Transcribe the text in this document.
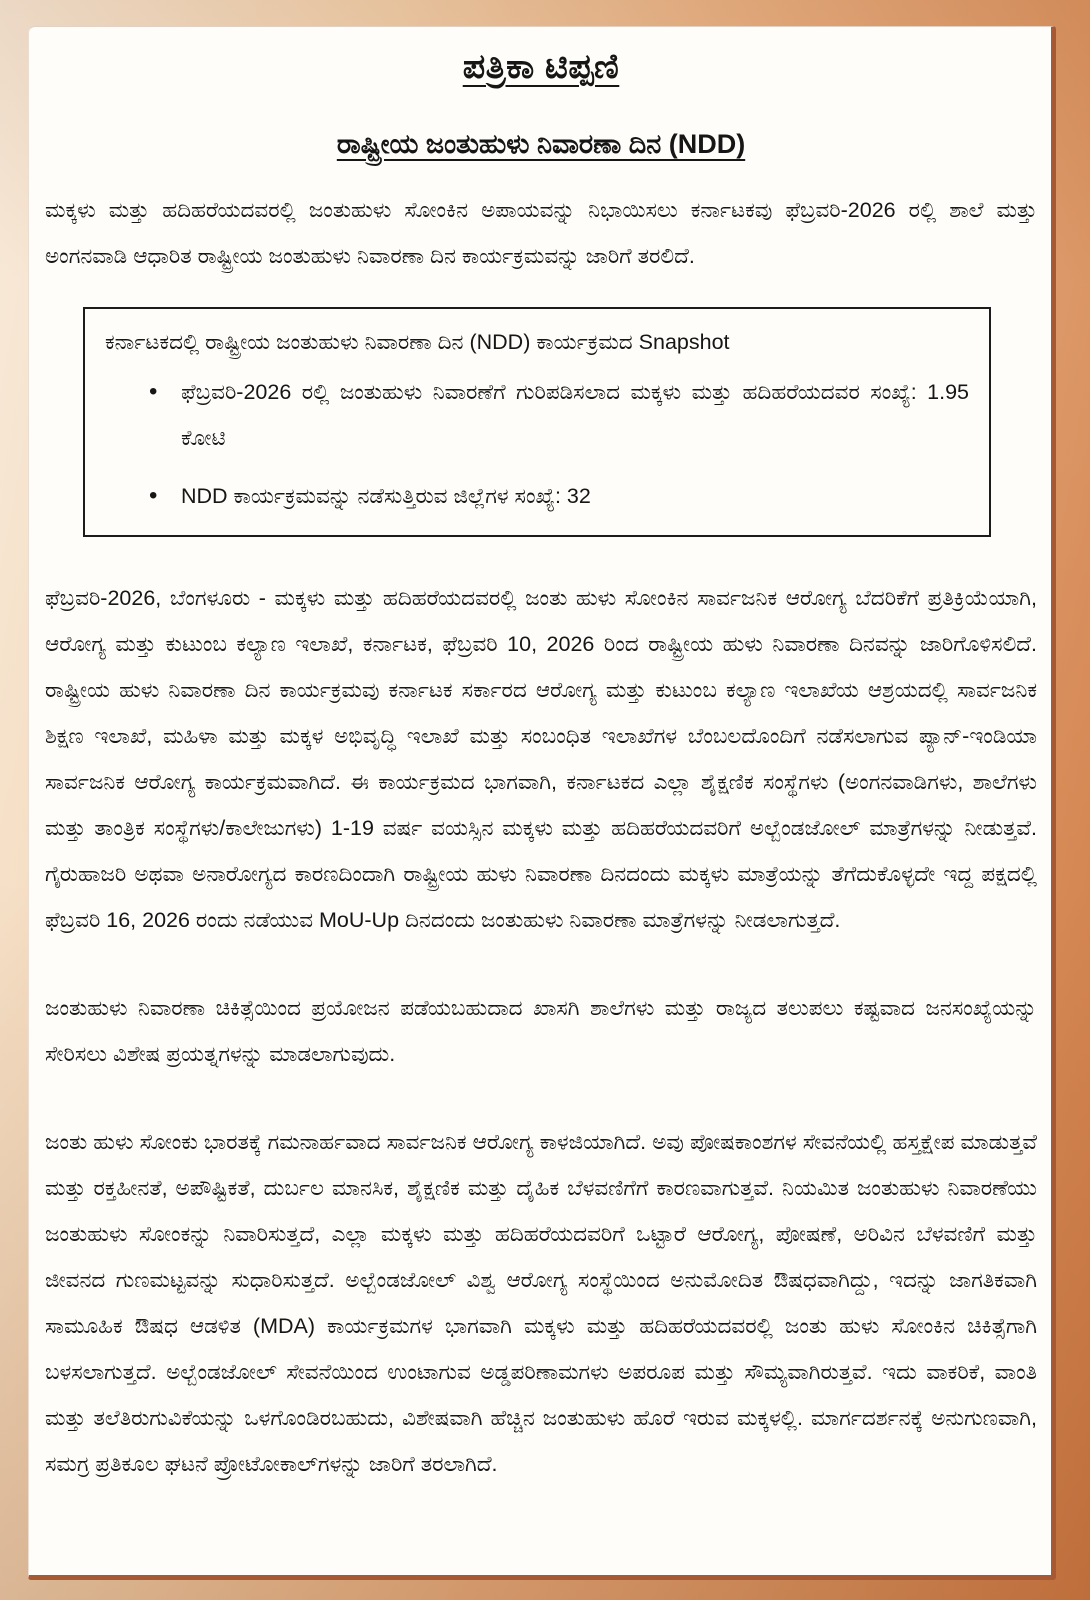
ಪತ್ರಿಕಾ ಟಿಪ್ಪಣಿ
ರಾಷ್ಟ್ರೀಯ ಜಂತುಹುಳು ನಿವಾರಣಾ ದಿನ (NDD)

ಮಕ್ಕಳು ಮತ್ತು ಹದಿಹರೆಯದವರಲ್ಲಿ ಜಂತುಹುಳು ಸೋಂಕಿನ ಅಪಾಯವನ್ನು ನಿಭಾಯಿಸಲು ಕರ್ನಾಟಕವು ಫೆಬ್ರವರಿ-2026 ರಲ್ಲಿ ಶಾಲೆ ಮತ್ತು ಅಂಗನವಾಡಿ ಆಧಾರಿತ ರಾಷ್ಟ್ರೀಯ ಜಂತುಹುಳು ನಿವಾರಣಾ ದಿನ ಕಾರ್ಯಕ್ರಮವನ್ನು ಜಾರಿಗೆ ತರಲಿದೆ.

ಕರ್ನಾಟಕದಲ್ಲಿ ರಾಷ್ಟ್ರೀಯ ಜಂತುಹುಳು ನಿವಾರಣಾ ದಿನ (NDD) ಕಾರ್ಯಕ್ರಮದ Snapshot
• ಫೆಬ್ರವರಿ-2026 ರಲ್ಲಿ ಜಂತುಹುಳು ನಿವಾರಣೆಗೆ ಗುರಿಪಡಿಸಲಾದ ಮಕ್ಕಳು ಮತ್ತು ಹದಿಹರೆಯದವರ ಸಂಖ್ಯೆ: 1.95 ಕೋಟಿ
• NDD ಕಾರ್ಯಕ್ರಮವನ್ನು ನಡೆಸುತ್ತಿರುವ ಜಿಲ್ಲೆಗಳ ಸಂಖ್ಯೆ: 32

ಫೆಬ್ರವರಿ-2026, ಬೆಂಗಳೂರು - ಮಕ್ಕಳು ಮತ್ತು ಹದಿಹರೆಯದವರಲ್ಲಿ ಜಂತು ಹುಳು ಸೋಂಕಿನ ಸಾರ್ವಜನಿಕ ಆರೋಗ್ಯ ಬೆದರಿಕೆಗೆ ಪ್ರತಿಕ್ರಿಯೆಯಾಗಿ, ಆರೋಗ್ಯ ಮತ್ತು ಕುಟುಂಬ ಕಲ್ಯಾಣ ಇಲಾಖೆ, ಕರ್ನಾಟಕ, ಫೆಬ್ರವರಿ 10, 2026 ರಿಂದ ರಾಷ್ಟ್ರೀಯ ಹುಳು ನಿವಾರಣಾ ದಿನವನ್ನು ಜಾರಿಗೊಳಿಸಲಿದೆ. ರಾಷ್ಟ್ರೀಯ ಹುಳು ನಿವಾರಣಾ ದಿನ ಕಾರ್ಯಕ್ರಮವು ಕರ್ನಾಟಕ ಸರ್ಕಾರದ ಆರೋಗ್ಯ ಮತ್ತು ಕುಟುಂಬ ಕಲ್ಯಾಣ ಇಲಾಖೆಯ ಆಶ್ರಯದಲ್ಲಿ ಸಾರ್ವಜನಿಕ ಶಿಕ್ಷಣ ಇಲಾಖೆ, ಮಹಿಳಾ ಮತ್ತು ಮಕ್ಕಳ ಅಭಿವೃದ್ಧಿ ಇಲಾಖೆ ಮತ್ತು ಸಂಬಂಧಿತ ಇಲಾಖೆಗಳ ಬೆಂಬಲದೊಂದಿಗೆ ನಡೆಸಲಾಗುವ ಪ್ಯಾನ್-ಇಂಡಿಯಾ ಸಾರ್ವಜನಿಕ ಆರೋಗ್ಯ ಕಾರ್ಯಕ್ರಮವಾಗಿದೆ. ಈ ಕಾರ್ಯಕ್ರಮದ ಭಾಗವಾಗಿ, ಕರ್ನಾಟಕದ ಎಲ್ಲಾ ಶೈಕ್ಷಣಿಕ ಸಂಸ್ಥೆಗಳು (ಅಂಗನವಾಡಿಗಳು, ಶಾಲೆಗಳು ಮತ್ತು ತಾಂತ್ರಿಕ ಸಂಸ್ಥೆಗಳು/ಕಾಲೇಜುಗಳು) 1-19 ವರ್ಷ ವಯಸ್ಸಿನ ಮಕ್ಕಳು ಮತ್ತು ಹದಿಹರೆಯದವರಿಗೆ ಅಲ್ಬೆಂಡಜೋಲ್ ಮಾತ್ರೆಗಳನ್ನು ನೀಡುತ್ತವೆ. ಗೈರುಹಾಜರಿ ಅಥವಾ ಅನಾರೋಗ್ಯದ ಕಾರಣದಿಂದಾಗಿ ರಾಷ್ಟ್ರೀಯ ಹುಳು ನಿವಾರಣಾ ದಿನದಂದು ಮಕ್ಕಳು ಮಾತ್ರೆಯನ್ನು ತೆಗೆದುಕೊಳ್ಳದೇ ಇದ್ದ ಪಕ್ಷದಲ್ಲಿ ಫೆಬ್ರವರಿ 16, 2026 ರಂದು ನಡೆಯುವ MoU-Up ದಿನದಂದು ಜಂತುಹುಳು ನಿವಾರಣಾ ಮಾತ್ರೆಗಳನ್ನು ನೀಡಲಾಗುತ್ತದೆ.

ಜಂತುಹುಳು ನಿವಾರಣಾ ಚಿಕಿತ್ಸೆಯಿಂದ ಪ್ರಯೋಜನ ಪಡೆಯಬಹುದಾದ ಖಾಸಗಿ ಶಾಲೆಗಳು ಮತ್ತು ರಾಜ್ಯದ ತಲುಪಲು ಕಷ್ಟವಾದ ಜನಸಂಖ್ಯೆಯನ್ನು ಸೇರಿಸಲು ವಿಶೇಷ ಪ್ರಯತ್ನಗಳನ್ನು ಮಾಡಲಾಗುವುದು.

ಜಂತು ಹುಳು ಸೋಂಕು ಭಾರತಕ್ಕೆ ಗಮನಾರ್ಹವಾದ ಸಾರ್ವಜನಿಕ ಆರೋಗ್ಯ ಕಾಳಜಿಯಾಗಿದೆ. ಅವು ಪೋಷಕಾಂಶಗಳ ಸೇವನೆಯಲ್ಲಿ ಹಸ್ತಕ್ಷೇಪ ಮಾಡುತ್ತವೆ ಮತ್ತು ರಕ್ತಹೀನತೆ, ಅಪೌಷ್ಟಿಕತೆ, ದುರ್ಬಲ ಮಾನಸಿಕ, ಶೈಕ್ಷಣಿಕ ಮತ್ತು ದೈಹಿಕ ಬೆಳವಣಿಗೆಗೆ ಕಾರಣವಾಗುತ್ತವೆ. ನಿಯಮಿತ ಜಂತುಹುಳು ನಿವಾರಣೆಯು ಜಂತುಹುಳು ಸೋಂಕನ್ನು ನಿವಾರಿಸುತ್ತದೆ, ಎಲ್ಲಾ ಮಕ್ಕಳು ಮತ್ತು ಹದಿಹರೆಯದವರಿಗೆ ಒಟ್ಟಾರೆ ಆರೋಗ್ಯ, ಪೋಷಣೆ, ಅರಿವಿನ ಬೆಳವಣಿಗೆ ಮತ್ತು ಜೀವನದ ಗುಣಮಟ್ಟವನ್ನು ಸುಧಾರಿಸುತ್ತದೆ. ಅಲ್ಬೆಂಡಜೋಲ್ ವಿಶ್ವ ಆರೋಗ್ಯ ಸಂಸ್ಥೆಯಿಂದ ಅನುಮೋದಿತ ಔಷಧವಾಗಿದ್ದು, ಇದನ್ನು ಜಾಗತಿಕವಾಗಿ ಸಾಮೂಹಿಕ ಔಷಧ ಆಡಳಿತ (MDA) ಕಾರ್ಯಕ್ರಮಗಳ ಭಾಗವಾಗಿ ಮಕ್ಕಳು ಮತ್ತು ಹದಿಹರೆಯದವರಲ್ಲಿ ಜಂತು ಹುಳು ಸೋಂಕಿನ ಚಿಕಿತ್ಸೆಗಾಗಿ ಬಳಸಲಾಗುತ್ತದೆ. ಅಲ್ಬೆಂಡಜೋಲ್ ಸೇವನೆಯಿಂದ ಉಂಟಾಗುವ ಅಡ್ಡಪರಿಣಾಮಗಳು ಅಪರೂಪ ಮತ್ತು ಸೌಮ್ಯವಾಗಿರುತ್ತವೆ. ಇದು ವಾಕರಿಕೆ, ವಾಂತಿ ಮತ್ತು ತಲೆತಿರುಗುವಿಕೆಯನ್ನು ಒಳಗೊಂಡಿರಬಹುದು, ವಿಶೇಷವಾಗಿ ಹೆಚ್ಚಿನ ಜಂತುಹುಳು ಹೊರೆ ಇರುವ ಮಕ್ಕಳಲ್ಲಿ. ಮಾರ್ಗದರ್ಶನಕ್ಕೆ ಅನುಗುಣವಾಗಿ, ಸಮಗ್ರ ಪ್ರತಿಕೂಲ ಘಟನೆ ಪ್ರೋಟೋಕಾಲ್‌ಗಳನ್ನು ಜಾರಿಗೆ ತರಲಾಗಿದೆ.
